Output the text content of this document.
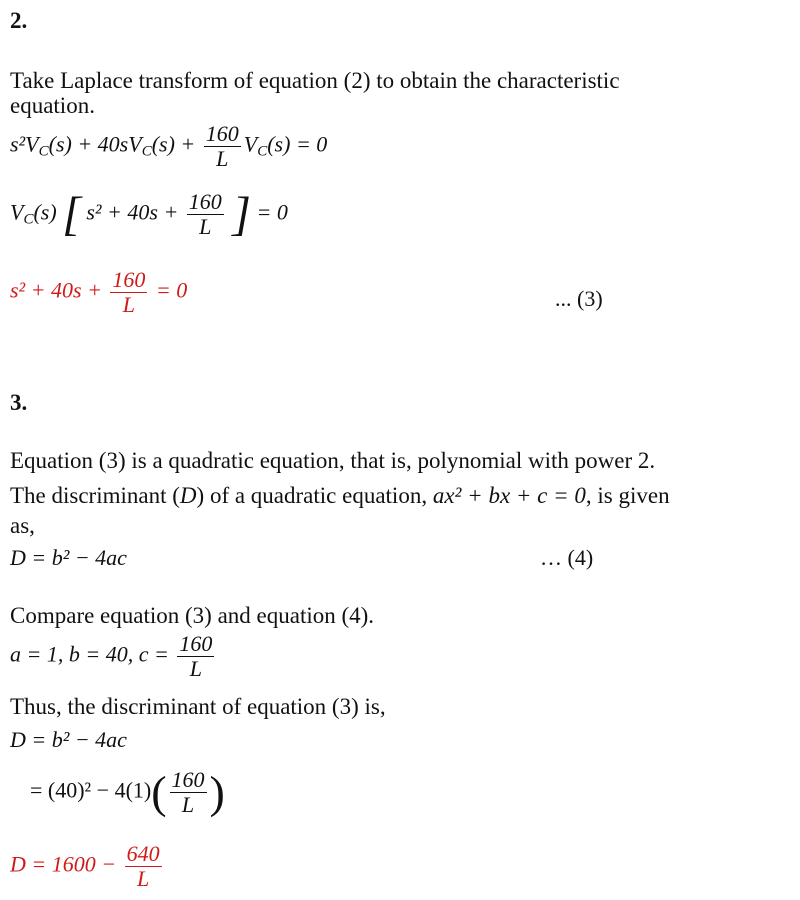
2.
Take Laplace transform of equation (2) to obtain the characteristic
equation.
$s^2V_C(s) + 40sV_C(s) + \frac{160}{L} V_C(s) = 0$
$V_C(s)$ [ $s^2 + 40s + \frac{160}{L}$ ] = 0
$s^2 + 40s + \frac{160}{L} = 0$	... (3)
3.
Equation (3) is a quadratic equation, that is, polynomial with power 2.
The discriminant (D) of a quadratic equation, ax² + bx + c = 0, is given
as,
D = b² − 4ac	… (4)
Compare equation (3) and equation (4).
a = 1, b = 40, $c = \frac{160}{L}$
Thus, the discriminant of equation (3) is,
D = b² − 4ac
= $(40)^2 - 4(1)( \frac{160}{L}$ )
$D = 1600 - \frac{640}{L}$
